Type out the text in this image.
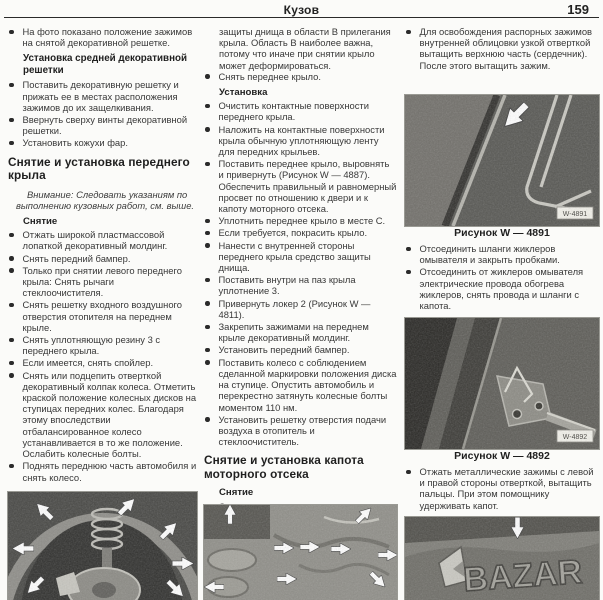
Кузов	159
На фото показано положение зажимов на снятой декоративной решетке.
Установка средней декоративной решетки
Поставить декоративную решетку и прижать ее в местах расположения зажимов до их защелкивания.
Ввернуть сверху винты декоративной решетки.
Установить кожухи фар.
Снятие и установка переднего крыла
Внимание: Следовать указаниям по выполнению кузовных работ, см. выше.
Снятие
Отжать широкой пластмассовой лопаткой декоративный молдинг.
Снять передний бампер.
Только при снятии левого переднего крыла: Снять рычаги стеклоочистителя.
Снять решетку входного воздушного отверстия отопителя на переднем крыле.
Снять уплотняющую резину 3 с переднего крыла.
Если имеется, снять спойлер.
Снять или подцепить отверткой декоративный колпак колеса. Отметить краской положение колесных дисков на ступицах передних колес. Благодаря этому впоследствии отбалансированное колесо устанавливается в то же положение. Ослабить колесные болты.
Поднять переднюю часть автомобиля и снять колесо.
защиты днища в области В прилегания крыла. Область В наиболее важна, потому что иначе при снятии крыло может деформироваться.
Снять переднее крыло.
Установка
Очистить контактные поверхности переднего крыла.
Наложить на контактные поверхности крыла обычную уплотняющую ленту для передних крыльев.
Поставить переднее крыло, выровнять и привернуть (Рисунок W — 4887). Обеспечить правильный и равномерный просвет по отношению к двери и к капоту моторного отсека.
Уплотнить переднее крыло в месте С.
Если требуется, покрасить крыло.
Нанести с внутренней стороны переднего крыла средство защиты днища.
Поставить внутри на паз крыла уплотнение 3.
Привернуть локер 2 (Рисунок W — 4811).
Закрепить зажимами на переднем крыле декоративный молдинг.
Установить передний бампер.
Поставить колесо с соблюдением сделанной маркировки положения диска на ступице. Опустить автомобиль и перекрестно затянуть колесные болты моментом 110 нм.
Установить решетку отверстия подачи воздуха в отопитель и стеклоочиститель.
Снятие и установка капота моторного отсека
Снятие
Для освобождения распорных зажимов внутренней облицовки узкой отверткой вытащить верхнюю часть (сердечник). После этого вытащить зажим.
Рисунок W — 4891
Отсоединить шланги жиклеров омывателя и закрыть пробками.
Отсоединить от жиклеров омывателя электрические провода обогрева жиклеров, снять провода и шланги с капота.
Рисунок W — 4892
Отжать металлические зажимы с левой и правой стороны отверткой, вытащить пальцы. При этом помощнику удерживать капот.
W-4891
W-4892
BAZAR
